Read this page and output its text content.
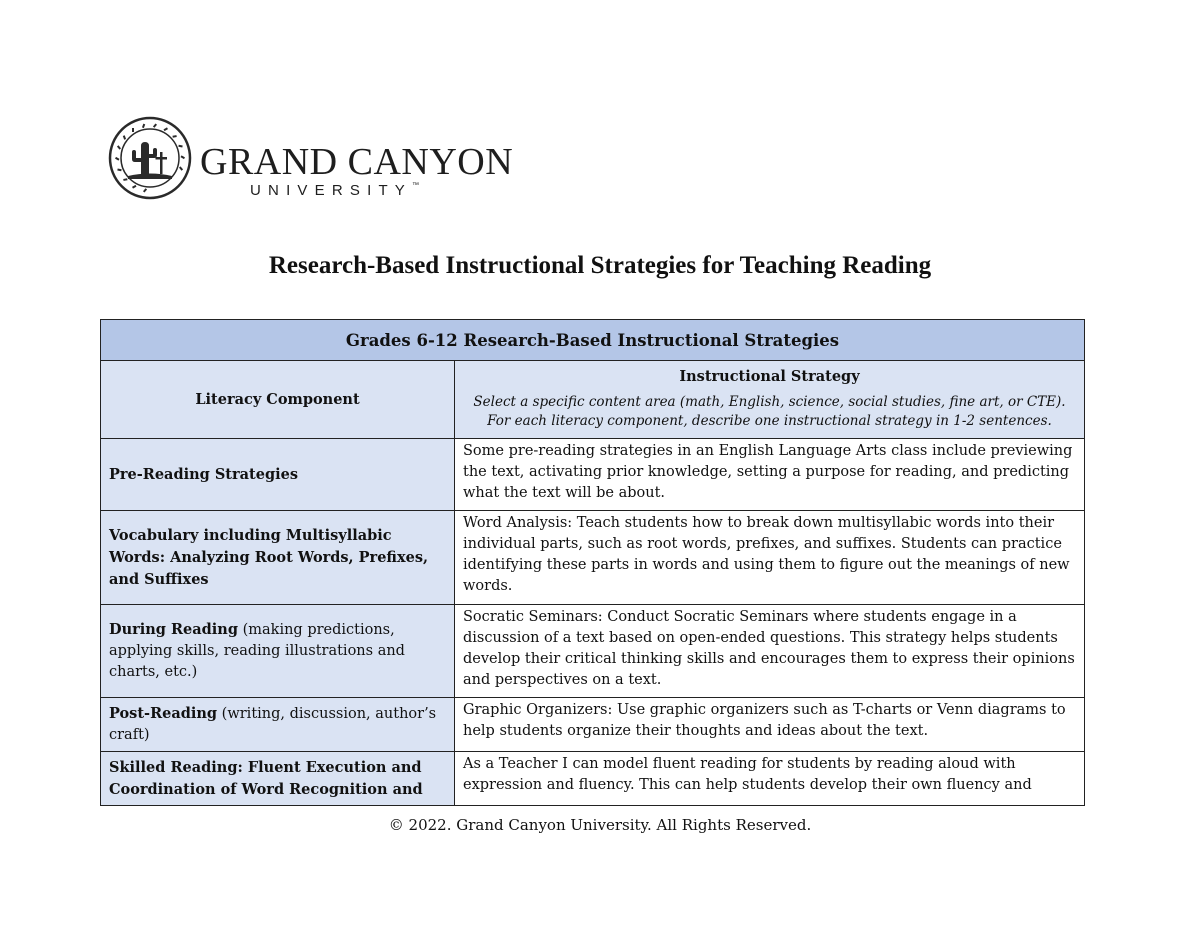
GRAND CANYON
UNIVERSITY™
Research-Based Instructional Strategies for Teaching Reading
Grades 6-12 Research-Based Instructional Strategies	
Literacy Component	Instructional Strategy
Select a specific content area (math, English, science, social studies, fine art, or CTE). For each literacy component, describe one instructional strategy in 1-2 sentences.

Pre-Reading Strategies	Some pre-reading strategies in an English Language Arts class include previewing the text, activating prior knowledge, setting a purpose for reading, and predicting what the text will be about.
Vocabulary including Multisyllabic Words: Analyzing Root Words, Prefixes, and Suffixes	Word Analysis: Teach students how to break down multisyllabic words into their individual parts, such as root words, prefixes, and suffixes. Students can practice identifying these parts in words and using them to figure out the meanings of new words.
During Reading (making predictions, applying skills, reading illustrations and charts, etc.)	Socratic Seminars: Conduct Socratic Seminars where students engage in a discussion of a text based on open-ended questions. This strategy helps students develop their critical thinking skills and encourages them to express their opinions and perspectives on a text.
Post-Reading (writing, discussion, author’s craft)	Graphic Organizers: Use graphic organizers such as T-charts or Venn diagrams to help students organize their thoughts and ideas about the text.
Skilled Reading: Fluent Execution and Coordination of Word Recognition and	As a Teacher I can model fluent reading for students by reading aloud with expression and fluency. This can help students develop their own fluency and
© 2022. Grand Canyon University. All Rights Reserved.
